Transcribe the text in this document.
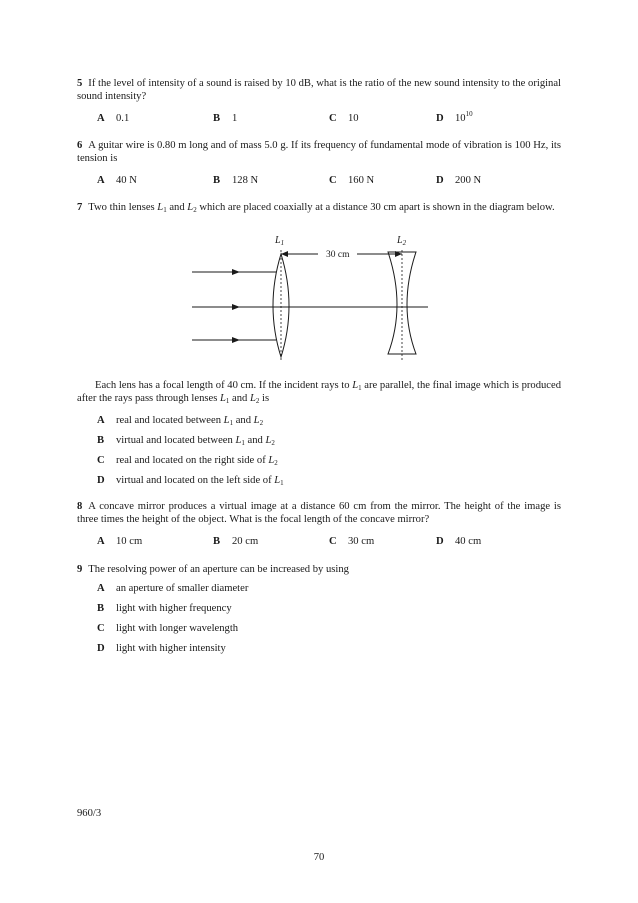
5 If the level of intensity of a sound is raised by 10 dB, what is the ratio of the new sound intensity to the original sound intensity?
A 0.1	B 1	C 10	D $10^{10}$
6 A guitar wire is 0.80 m long and of mass 5.0 g. If its frequency of fundamental mode of vibration is 100 Hz, its tension is
A 40 N	B 128 N	C 160 N	D 200 N
7 Two thin lenses $L_1$ and $L_2$ which are placed coaxially at a distance 30 cm apart is shown in the diagram below.
$L_1$	$L_2$
30 cm
Each lens has a focal length of 40 cm. If the incident rays to $L_1$ are parallel, the final image which is produced after the rays pass through lenses $L_1$ and $L_2$ is
A real and located between $L_1$ and $L_2$
B virtual and located between $L_1$ and $L_2$
C real and located on the right side of $L_2$
D virtual and located on the left side of $L_1$
8 A concave mirror produces a virtual image at a distance 60 cm from the mirror. The height of the image is three times the height of the object. What is the focal length of the concave mirror?
A 10 cm	B 20 cm	C 30 cm	D 40 cm
9 The resolving power of an aperture can be increased by using
A an aperture of smaller diameter
B light with higher frequency
C light with longer wavelength
D light with higher intensity
960/3
70
